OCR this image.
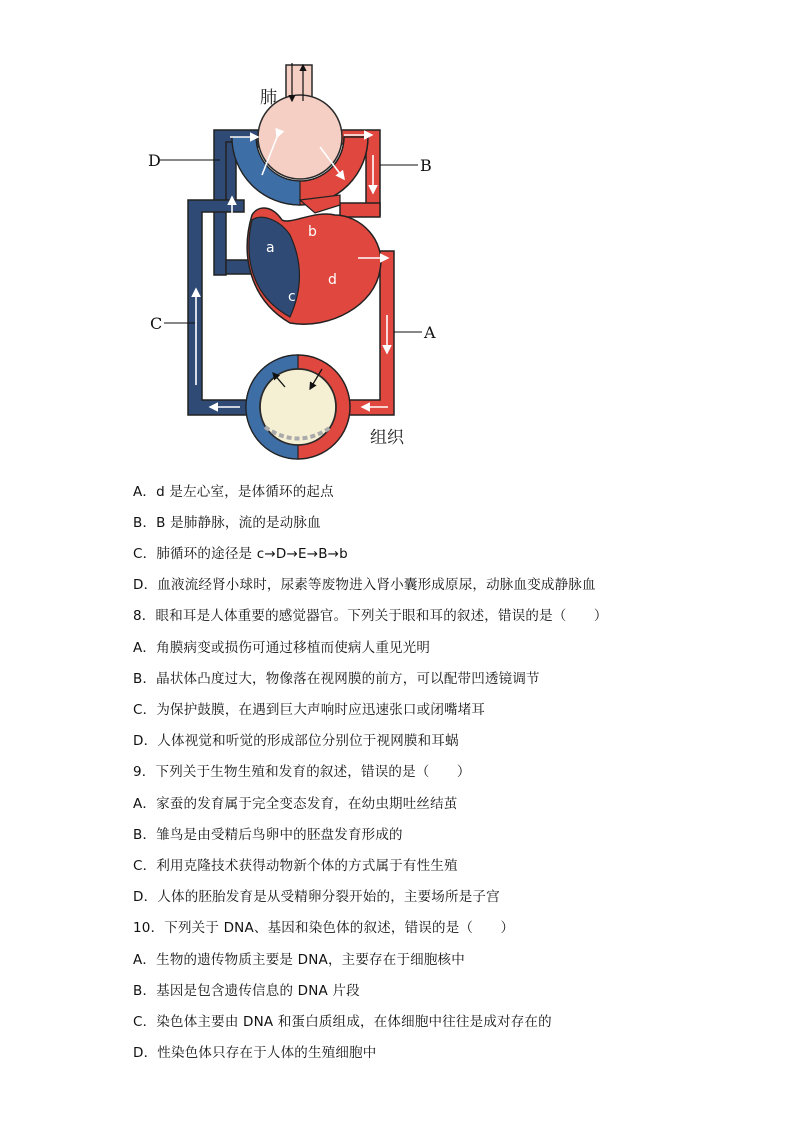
肺
组织
D	B
C	A
a
b
c
d
A．d 是左心室，是体循环的起点
B．B 是肺静脉，流的是动脉血
C．肺循环的途径是 c→D→E→B→b
D．血液流经肾小球时，尿素等废物进入肾小囊形成原尿，动脉血变成静脉血
8．眼和耳是人体重要的感觉器官。下列关于眼和耳的叙述，错误的是（　　）
A．角膜病变或损伤可通过移植而使病人重见光明
B．晶状体凸度过大，物像落在视网膜的前方，可以配带凹透镜调节
C．为保护鼓膜，在遇到巨大声响时应迅速张口或闭嘴堵耳
D．人体视觉和听觉的形成部位分别位于视网膜和耳蜗
9．下列关于生物生殖和发育的叙述，错误的是（　　）
A．家蚕的发育属于完全变态发育，在幼虫期吐丝结茧
B．雏鸟是由受精后鸟卵中的胚盘发育形成的
C．利用克隆技术获得动物新个体的方式属于有性生殖
D．人体的胚胎发育是从受精卵分裂开始的，主要场所是子宫
10．下列关于 DNA、基因和染色体的叙述，错误的是（　　）
A．生物的遗传物质主要是 DNA，主要存在于细胞核中
B．基因是包含遗传信息的 DNA 片段
C．染色体主要由 DNA 和蛋白质组成，在体细胞中往往是成对存在的
D．性染色体只存在于人体的生殖细胞中
